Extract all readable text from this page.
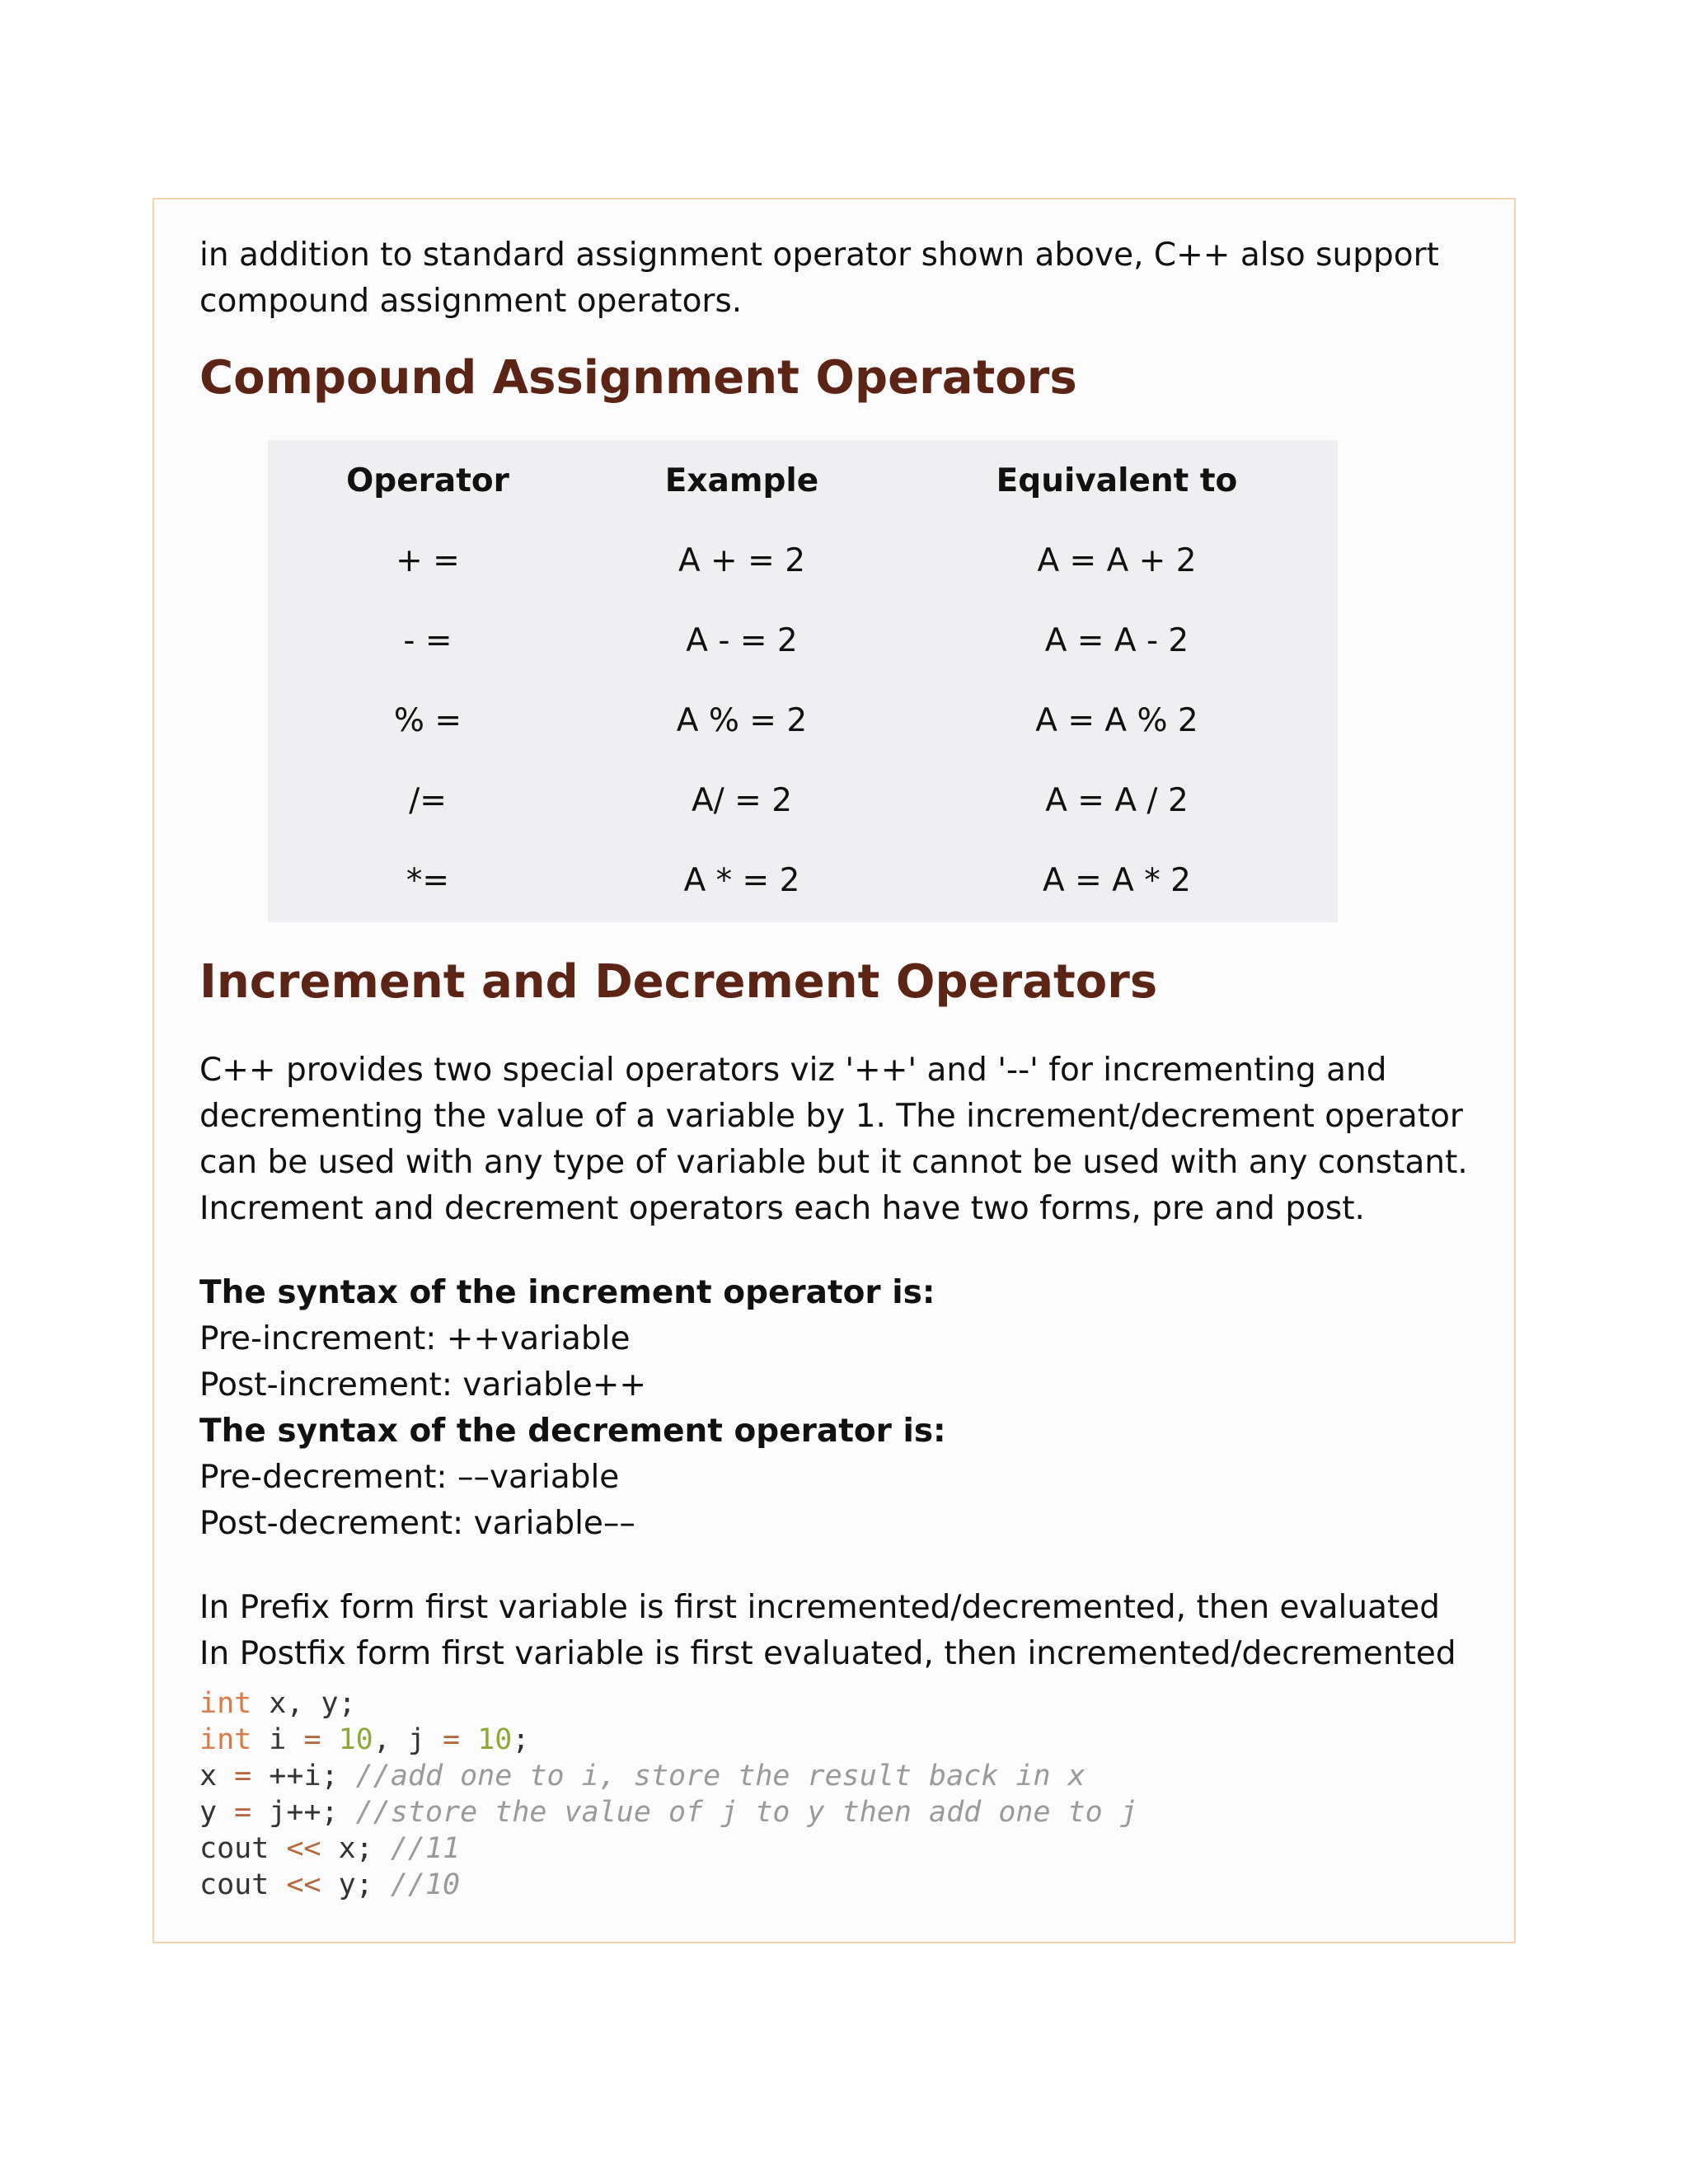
in addition to standard assignment operator shown above, C++ also support
compound assignment operators.

Compound Assignment Operators
Operator	Example	Equivalent to
+ =	A + = 2	A = A + 2
- =	A - = 2	A = A - 2
% =	A % = 2	A = A % 2
/=	A/ = 2	A = A / 2
*=	A * = 2	A = A * 2
Increment and Decrement Operators

C++ provides two special operators viz '++' and '--' for incrementing and
decrementing the value of a variable by 1. The increment/decrement operator
can be used with any type of variable but it cannot be used with any constant.
Increment and decrement operators each have two forms, pre and post.

The syntax of the increment operator is:
Pre-increment: ++variable
Post-increment: variable++
The syntax of the decrement operator is:
Pre-decrement: ––variable
Post-decrement: variable––
In Prefix form first variable is first incremented/decremented, then evaluated
In Postfix form first variable is first evaluated, then incremented/decremented
int x, y;
int i = 10, j = 10;
x = ++i; //add one to i, store the result back in x
y = j++; //store the value of j to y then add one to j
cout << x; //11
cout << y; //10
